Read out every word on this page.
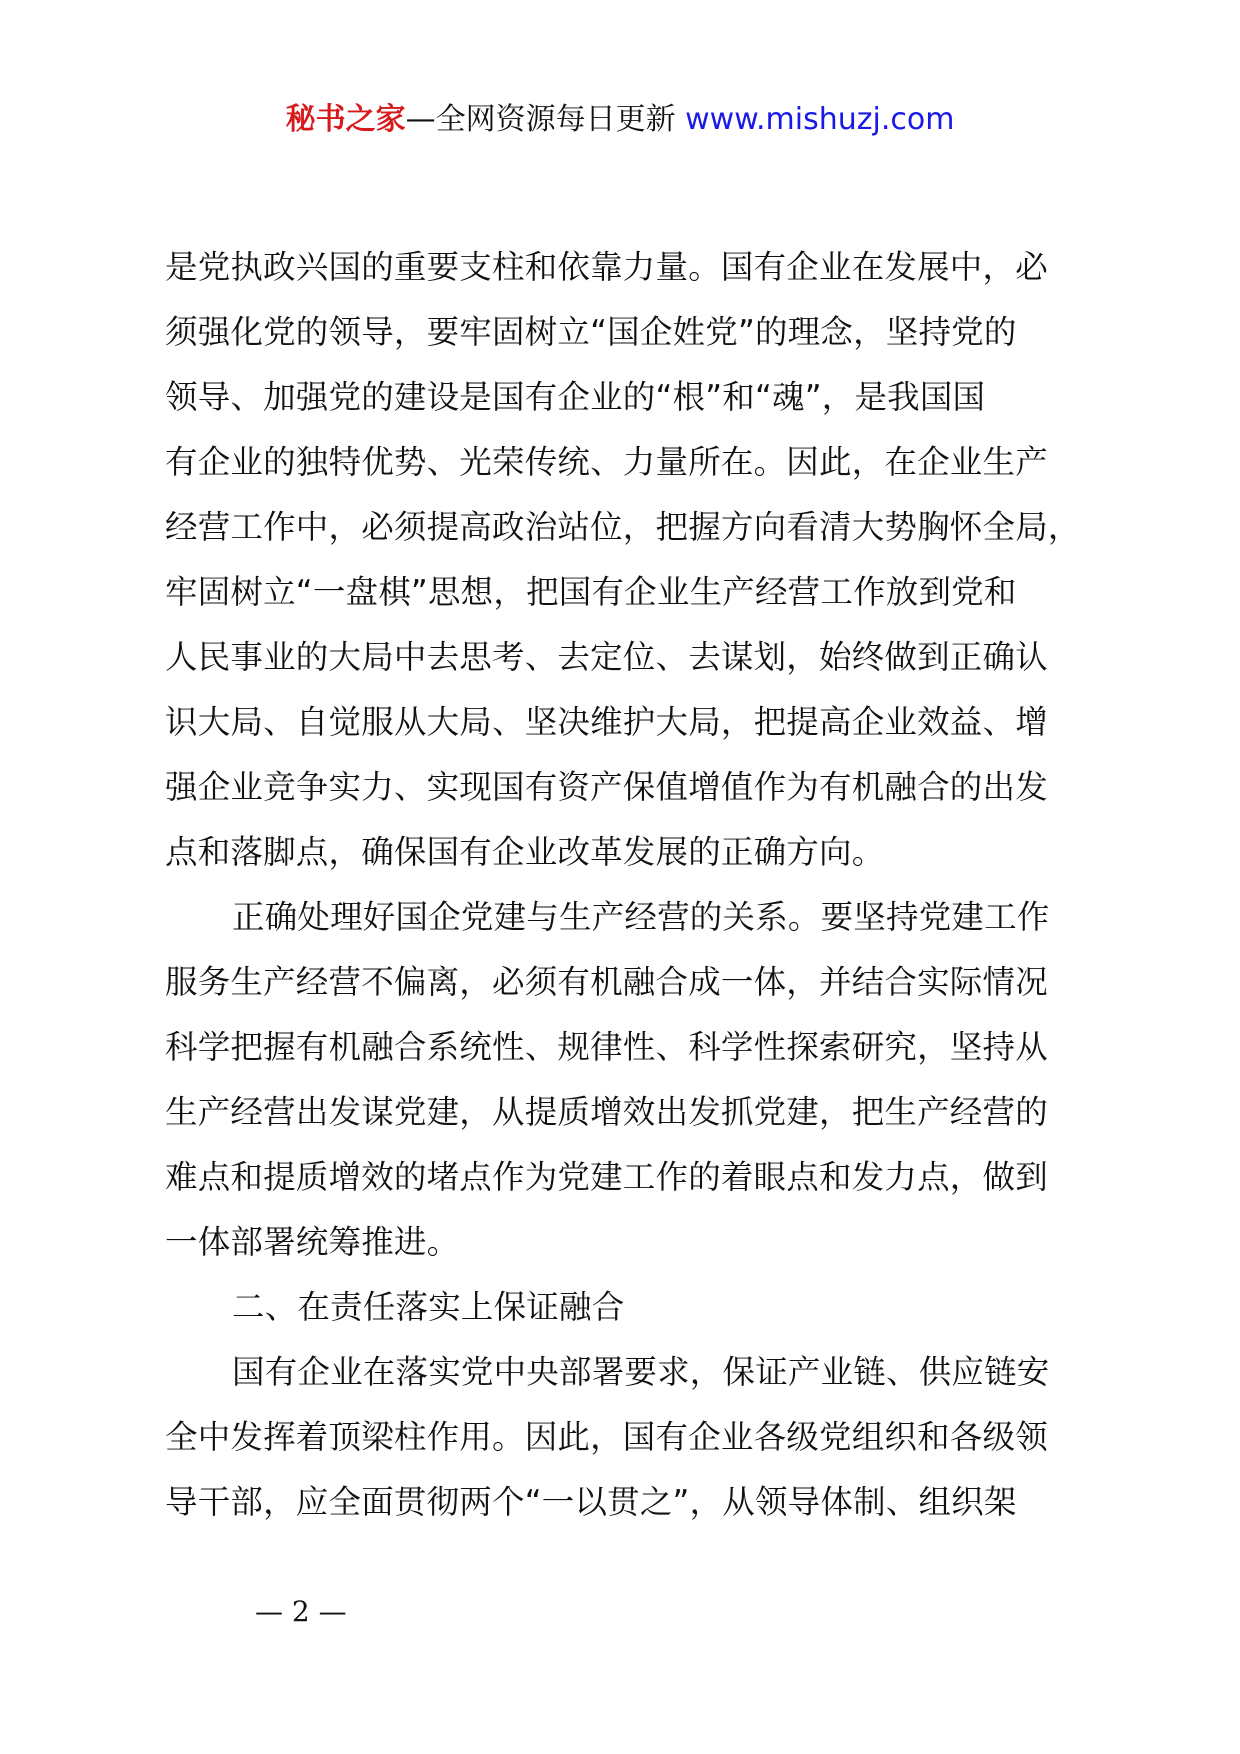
秘书之家—全网资源每日更新 www.mishuzj.com
是党执政兴国的重要支柱和依靠力量。国有企业在发展中，必
须强化党的领导，要牢固树立“国企姓党”的理念，坚持党的
领导、加强党的建设是国有企业的“根”和“魂”，是我国国
有企业的独特优势、光荣传统、力量所在。因此，在企业生产
经营工作中，必须提高政治站位，把握方向看清大势胸怀全局，
牢固树立“一盘棋”思想，把国有企业生产经营工作放到党和
人民事业的大局中去思考、去定位、去谋划，始终做到正确认
识大局、自觉服从大局、坚决维护大局，把提高企业效益、增
强企业竞争实力、实现国有资产保值增值作为有机融合的出发
点和落脚点，确保国有企业改革发展的正确方向。
正确处理好国企党建与生产经营的关系。要坚持党建工作
服务生产经营不偏离，必须有机融合成一体，并结合实际情况
科学把握有机融合系统性、规律性、科学性探索研究，坚持从
生产经营出发谋党建，从提质增效出发抓党建，把生产经营的
难点和提质增效的堵点作为党建工作的着眼点和发力点，做到
一体部署统筹推进。
二、在责任落实上保证融合
国有企业在落实党中央部署要求，保证产业链、供应链安
全中发挥着顶梁柱作用。因此，国有企业各级党组织和各级领
导干部，应全面贯彻两个“一以贯之”，从领导体制、组织架
— 2 —
